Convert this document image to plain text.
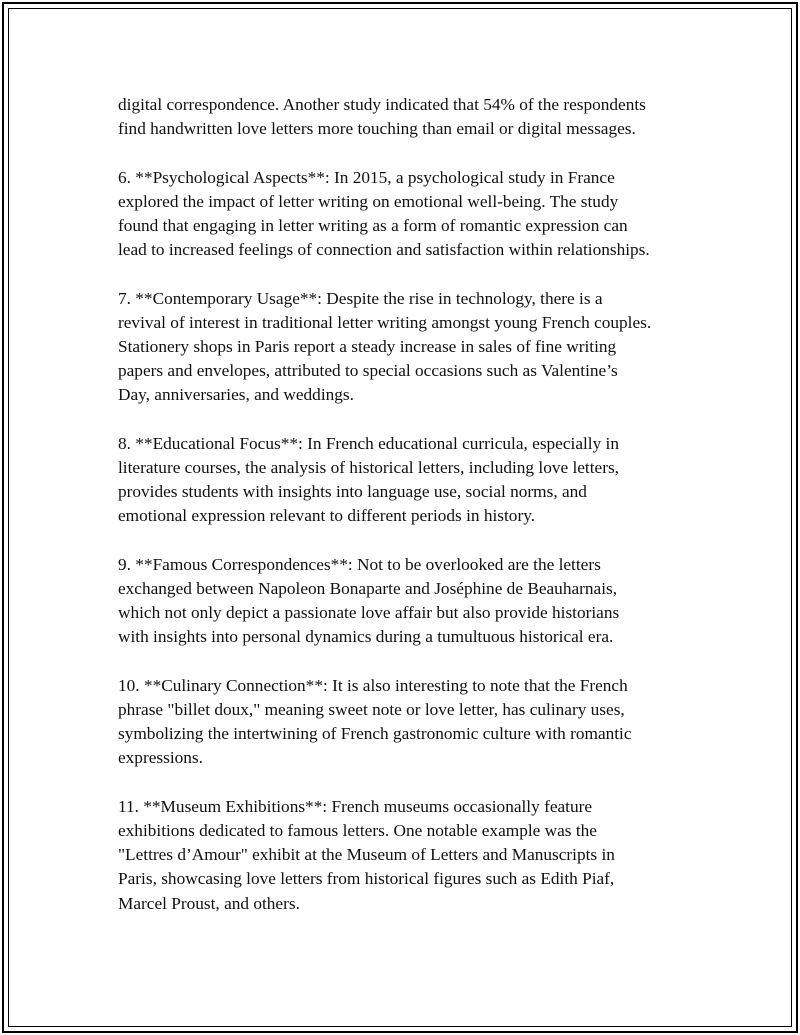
digital correspondence. Another study indicated that 54% of the respondents
find handwritten love letters more touching than email or digital messages.

6. **Psychological Aspects**: In 2015, a psychological study in France
explored the impact of letter writing on emotional well-being. The study
found that engaging in letter writing as a form of romantic expression can
lead to increased feelings of connection and satisfaction within relationships.

7. **Contemporary Usage**: Despite the rise in technology, there is a
revival of interest in traditional letter writing amongst young French couples.
Stationery shops in Paris report a steady increase in sales of fine writing
papers and envelopes, attributed to special occasions such as Valentine’s
Day, anniversaries, and weddings.

8. **Educational Focus**: In French educational curricula, especially in
literature courses, the analysis of historical letters, including love letters,
provides students with insights into language use, social norms, and
emotional expression relevant to different periods in history.

9. **Famous Correspondences**: Not to be overlooked are the letters
exchanged between Napoleon Bonaparte and Joséphine de Beauharnais,
which not only depict a passionate love affair but also provide historians
with insights into personal dynamics during a tumultuous historical era.

10. **Culinary Connection**: It is also interesting to note that the French
phrase "billet doux," meaning sweet note or love letter, has culinary uses,
symbolizing the intertwining of French gastronomic culture with romantic
expressions.

11. **Museum Exhibitions**: French museums occasionally feature
exhibitions dedicated to famous letters. One notable example was the
"Lettres d’Amour" exhibit at the Museum of Letters and Manuscripts in
Paris, showcasing love letters from historical figures such as Edith Piaf,
Marcel Proust, and others.
